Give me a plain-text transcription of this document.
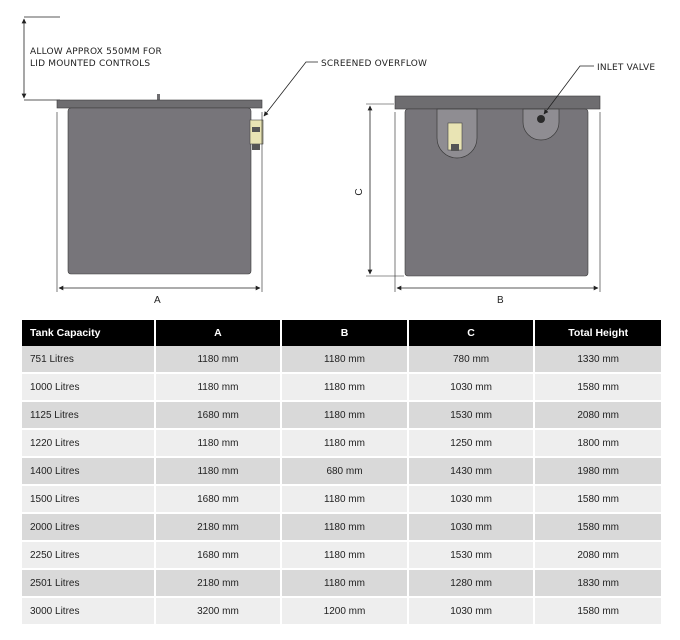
ALLOW APPROX 550MM FOR
LID MOUNTED CONTROLS	SCREENED OVERFLOW
A
INLET VALVE
C
B
Tank Capacity	A	B	C	Total Height
751 Litres	1180 mm	1180 mm	780 mm	1330 mm
1000 Litres	1180 mm	1180 mm	1030 mm	1580 mm
1125 Litres	1680 mm	1180 mm	1530 mm	2080 mm
1220 Litres	1180 mm	1180 mm	1250 mm	1800 mm
1400 Litres	1180 mm	680 mm	1430 mm	1980 mm
1500 Litres	1680 mm	1180 mm	1030 mm	1580 mm
2000 Litres	2180 mm	1180 mm	1030 mm	1580 mm
2250 Litres	1680 mm	1180 mm	1530 mm	2080 mm
2501 Litres	2180 mm	1180 mm	1280 mm	1830 mm
3000 Litres	3200 mm	1200 mm	1030 mm	1580 mm
